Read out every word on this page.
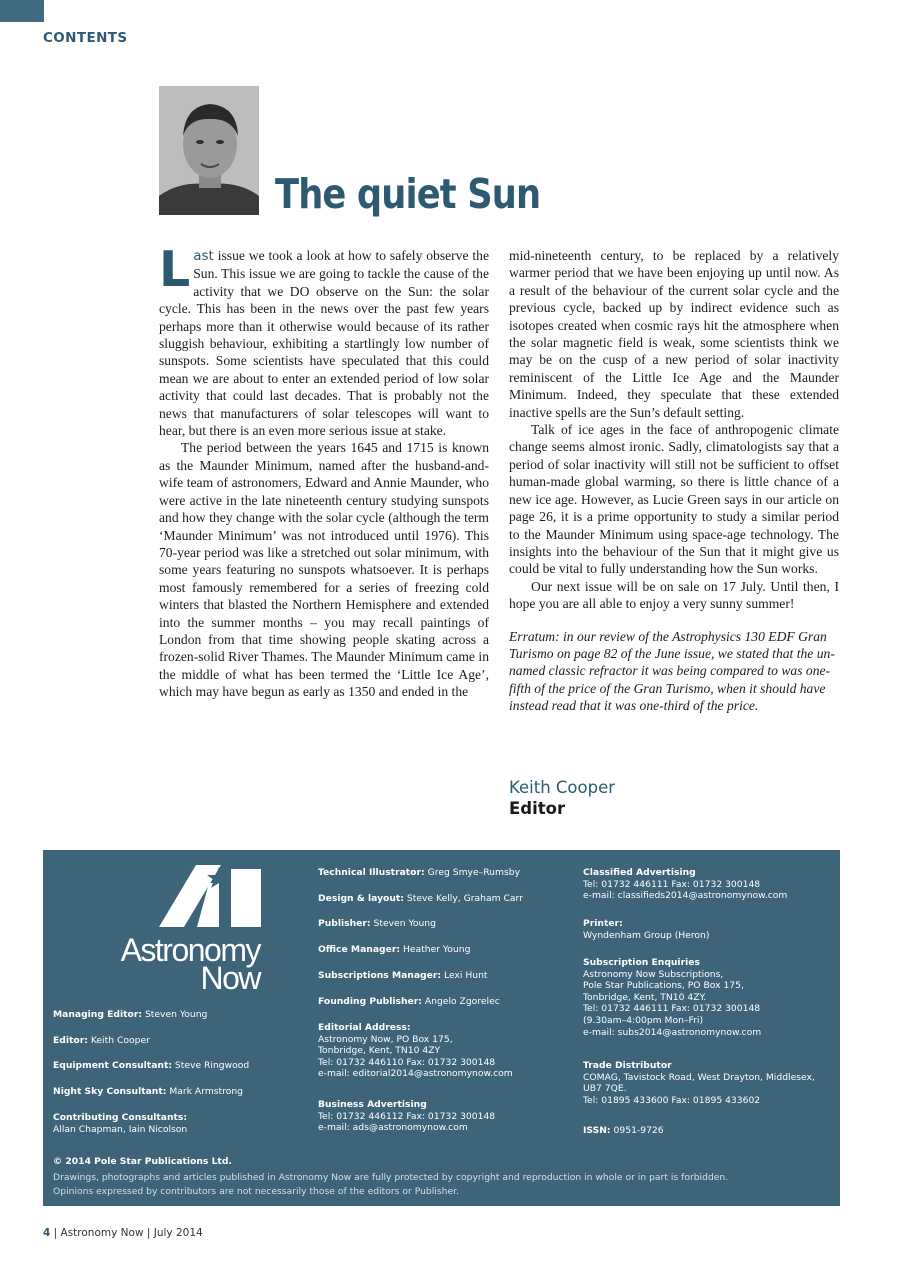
CONTENTS
The quiet Sun

Last issue we took a look at how to safely observe the Sun. This issue we are going to tackle the cause of the activity that we DO observe on the Sun: the solar cycle. This has been in the news over the past few years perhaps more than it otherwise would because of its rather sluggish behaviour, exhibiting a startlingly low number of sunspots. Some scientists have speculated that this could mean we are about to enter an extended period of low solar activity that could last decades. That is probably not the news that manufacturers of solar telescopes will want to hear, but there is an even more serious issue at stake.

The period between the years 1645 and 1715 is known as the Maunder Minimum, named after the husband-and-wife team of astronomers, Edward and Annie Maunder, who were active in the late nineteenth century studying sunspots and how they change with the solar cycle (although the term ‘Maunder Minimum’ was not introduced until 1976). This 70-year period was like a stretched out solar minimum, with some years featuring no sunspots whatsoever. It is perhaps most famously remembered for a series of freezing cold winters that blasted the Northern Hemisphere and extended into the summer months – you may recall paintings of London from that time showing people skating across a frozen-solid River Thames. The Maunder Minimum came in the middle of what has been termed the ‘Little Ice Age’, which may have begun as early as 1350 and ended in the

mid-nineteenth century, to be replaced by a relatively warmer period that we have been enjoying up until now. As a result of the behaviour of the current solar cycle and the previous cycle, backed up by indirect evidence such as isotopes created when cosmic rays hit the atmosphere when the solar magnetic field is weak, some scientists think we may be on the cusp of a new period of solar inactivity reminiscent of the Little Ice Age and the Maunder Minimum. Indeed, they speculate that these extended inactive spells are the Sun’s default setting.

Talk of ice ages in the face of anthropogenic climate change seems almost ironic. Sadly, climatologists say that a period of solar inactivity will still not be sufficient to offset human-made global warming, so there is little chance of a new ice age. However, as Lucie Green says in our article on page 26, it is a prime opportunity to study a similar period to the Maunder Minimum using space-age technology. The insights into the behaviour of the Sun that it might give us could be vital to fully understanding how the Sun works.

Our next issue will be on sale on 17 July. Until then, I hope you are all able to enjoy a very sunny summer!

Erratum: in our review of the Astrophysics 130 EDF Gran Turismo on page 82 of the June issue, we stated that the un-named classic refractor it was being compared to was one-fifth of the price of the Gran Turismo, when it should have instead read that it was one-third of the price.

Keith Cooper
Editor
Astronomy
Now
Managing Editor: Steven Young
Editor: Keith Cooper
Equipment Consultant: Steve Ringwood
Night Sky Consultant: Mark Armstrong
Contributing Consultants:
Allan Chapman, Iain Nicolson
Technical Illustrator: Greg Smye–Rumsby
Design & layout: Steve Kelly, Graham Carr
Publisher: Steven Young
Office Manager: Heather Young
Subscriptions Manager: Lexi Hunt
Founding Publisher: Angelo Zgorelec
Editorial Address:
Astronomy Now, PO Box 175,
Tonbridge, Kent, TN10 4ZY
Tel: 01732 446110 Fax: 01732 300148
e-mail: editorial2014@astronomynow.com
Business Advertising
Tel: 01732 446112 Fax: 01732 300148
e-mail: ads@astronomynow.com
Classified Advertising
Tel: 01732 446111 Fax: 01732 300148
e-mail: classifieds2014@astronomynow.com
Printer:
Wyndenham Group (Heron)
Subscription Enquiries
Astronomy Now Subscriptions,
Pole Star Publications, PO Box 175,
Tonbridge, Kent, TN10 4ZY.
Tel: 01732 446111 Fax: 01732 300148
(9.30am–4:00pm Mon–Fri)
e-mail: subs2014@astronomynow.com
Trade Distributor
COMAG, Tavistock Road, West Drayton, Middlesex,
UB7 7QE.
Tel: 01895 433600 Fax: 01895 433602
ISSN: 0951-9726
© 2014 Pole Star Publications Ltd.
Drawings, photographs and articles published in Astronomy Now are fully protected by copyright and reproduction in whole or in part is forbidden.
Opinions expressed by contributors are not necessarily those of the editors or Publisher.
4 | Astronomy Now | July 2014
